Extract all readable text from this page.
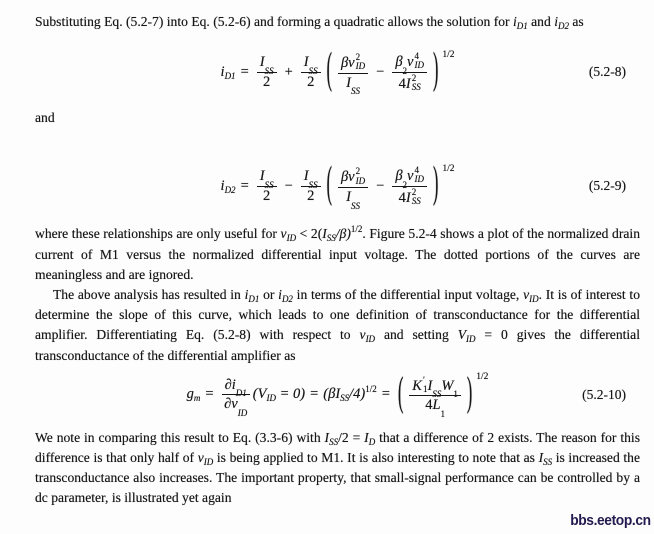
Substituting Eq. (5.2-7) into Eq. (5.2-6) and forming a quadratic allows the solution for $i_{D1}$ and $i_{D2}$ as

$i_{D1} = I$
SS
2 + I
SS
2 ( βv 2
ID
I
SS − β
2
v 4
ID
4 I 2
SS ) 1/2
(5.2-8)

and

$i_{D2} = I$
SS
2 − I
SS
2 ( βv 2
ID
I
SS − β
2
v 4
ID
4 I 2
SS ) 1/2
(5.2-9)

where these relationships are only useful for $v_{ID} < 2(I_{SS}/\beta)^{1/2}$. Figure 5.2-4 shows a plot of the normalized drain current of M1 versus the normalized differential input voltage. The dotted portions of the curves are meaningless and are ignored.

The above analysis has resulted in $i_{D1}$ or $i_{D2}$ in terms of the differential input voltage, $v_{ID}$. It is of interest to determine the slope of this curve, which leads to one definition of transconductance for the differential amplifier. Differentiating Eq. (5.2-8) with respect to $v_{ID}$ and setting $V_{ID} = 0$ gives the differential transconductance of the differential amplifier as

$g_m = \partial i$
D1
∂v
ID $(V_{ID} = 0) = (\beta I_{SS}/4)^{1/2}$ = ( K ′
1 I
SS
W
1
4 L
1 ) 1/2
(5.2-10)

We note in comparing this result to Eq. (3.3-6) with $I_{SS}/2 = I_D$ that a difference of 2 exists. The reason for this difference is that only half of $v_{ID}$ is being applied to M1. It is also interesting to note that as $I_{SS}$ is increased the transconductance also increases. The important property, that small-signal performance can be controlled by a dc parameter, is illustrated yet again

bbs.eetop.cn
